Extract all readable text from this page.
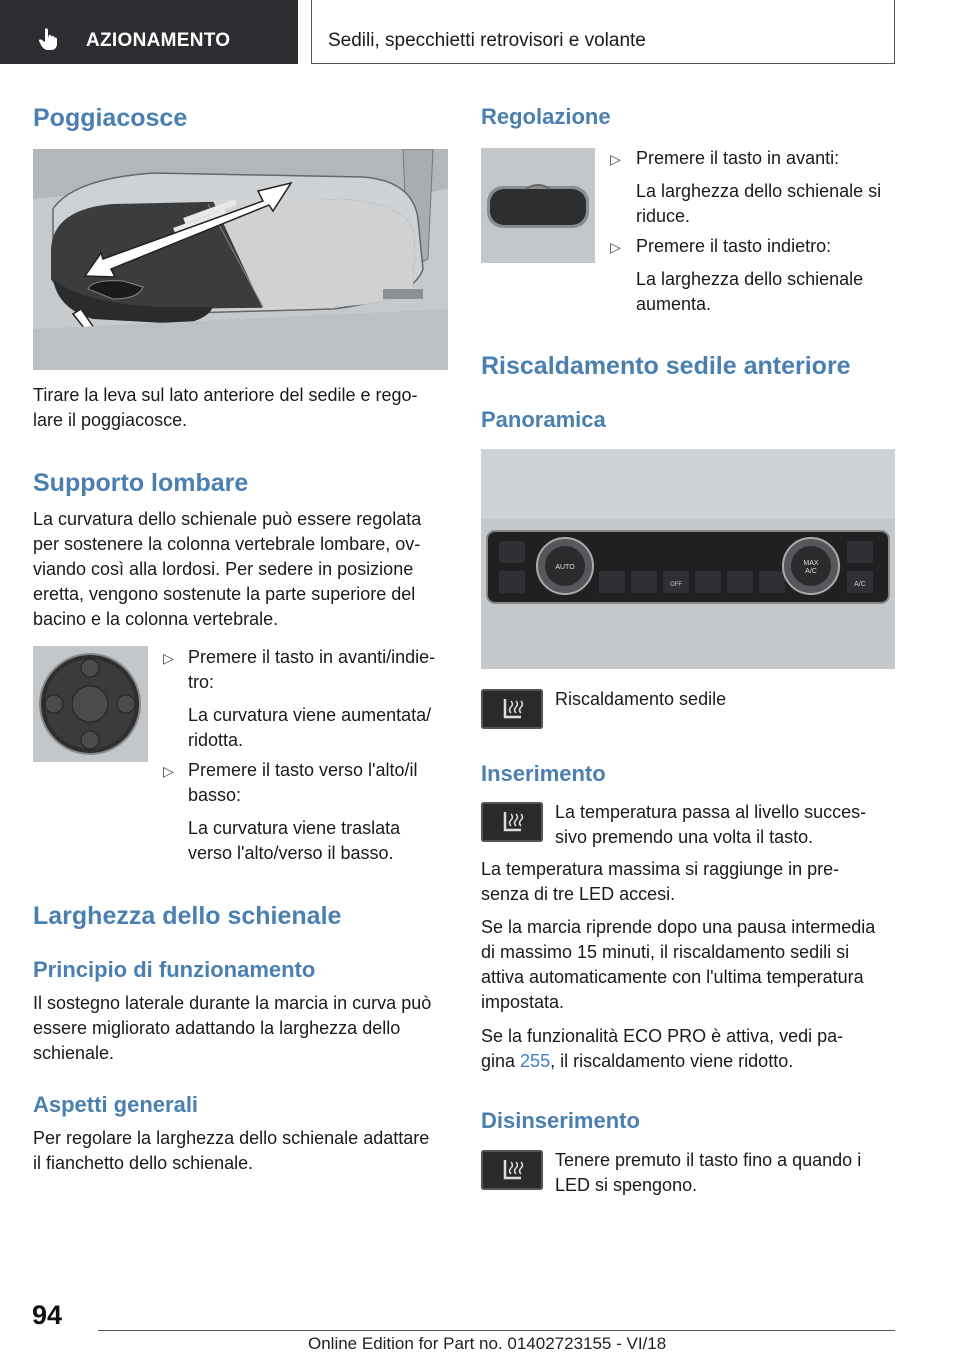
AZIONAMENTO	Sedili, specchietti retrovisori e volante
Poggiacosce
Tirare la leva sul lato anteriore del sedile e rego-
lare il poggiacosce.
Supporto lombare
La curvatura dello schienale può essere regolata
per sostenere la colonna vertebrale lombare, ov-
viando così alla lordosi. Per sedere in posizione
eretta, vengono sostenute la parte superiore del
bacino e la colonna vertebrale.
▷ Premere il tasto in avanti/indie-
tro:
La curvatura viene aumentata/
ridotta.
▷ Premere il tasto verso l'alto/il
basso:
La curvatura viene traslata
verso l'alto/verso il basso.
Larghezza dello schienale
Principio di funzionamento
Il sostegno laterale durante la marcia in curva può
essere migliorato adattando la larghezza dello
schienale.
Aspetti generali
Per regolare la larghezza dello schienale adattare
il fianchetto dello schienale.
Regolazione
▷ Premere il tasto in avanti:
La larghezza dello schienale si
riduce.
▷ Premere il tasto indietro:
La larghezza dello schienale
aumenta.
Riscaldamento sedile anteriore
Panoramica
AUTO
OFF
MAX
A/C
A/C
Riscaldamento sedile
Inserimento
La temperatura passa al livello succes-
sivo premendo una volta il tasto.
La temperatura massima si raggiunge in pre-
senza di tre LED accesi.
Se la marcia riprende dopo una pausa intermedia
di massimo 15 minuti, il riscaldamento sedili si
attiva automaticamente con l'ultima temperatura
impostata.
Se la funzionalità ECO PRO è attiva, vedi pa-
gina 255, il riscaldamento viene ridotto.
Disinserimento
Tenere premuto il tasto fino a quando i
LED si spengono.
94
Online Edition for Part no. 01402723155 - VI/18
